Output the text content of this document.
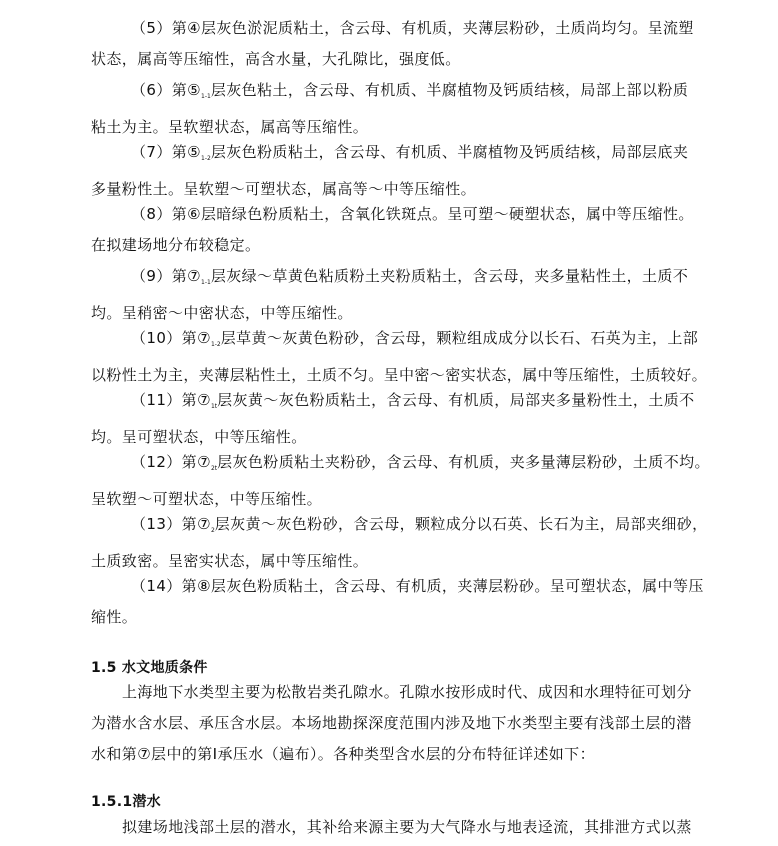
（5）第④层灰色淤泥质粘土，含云母、有机质，夹薄层粉砂，土质尚均匀。呈流塑
状态，属高等压缩性，高含水量，大孔隙比，强度低。

（6）第$⑤_{1-1}$层灰色粘土，含云母、有机质、半腐植物及钙质结核，局部上部以粉质
粘土为主。呈软塑状态，属高等压缩性。

（7）第$⑤_{1-2}$层灰色粉质粘土，含云母、有机质、半腐植物及钙质结核，局部层底夹
多量粉性土。呈软塑～可塑状态，属高等～中等压缩性。

（8）第⑥层暗绿色粉质粘土，含氧化铁斑点。呈可塑～硬塑状态，属中等压缩性。
在拟建场地分布较稳定。

（9）第$⑦_{1-1}$层灰绿～草黄色粘质粉土夹粉质粘土，含云母，夹多量粘性土，土质不
均。呈稍密～中密状态，中等压缩性。

（10）第$⑦_{1-2}$层草黄～灰黄色粉砂，含云母，颗粒组成成分以长石、石英为主，上部
以粉性土为主，夹薄层粘性土，土质不匀。呈中密～密实状态，属中等压缩性，土质较好。

（11）第$⑦_{1t}$层灰黄～灰色粉质粘土，含云母、有机质，局部夹多量粉性土，土质不
均。呈可塑状态，中等压缩性。

（12）第$⑦_{2t}$层灰色粉质粘土夹粉砂，含云母、有机质，夹多量薄层粉砂，土质不均。
呈软塑～可塑状态，中等压缩性。

（13）第$⑦_2$层灰黄～灰色粉砂，含云母，颗粒成分以石英、长石为主，局部夹细砂，
土质致密。呈密实状态，属中等压缩性。

（14）第⑧层灰色粉质粘土，含云母、有机质，夹薄层粉砂。呈可塑状态，属中等压
缩性。

1.5 水文地质条件

上海地下水类型主要为松散岩类孔隙水。孔隙水按形成时代、成因和水理特征可划分
为潜水含水层、承压含水层。本场地勘探深度范围内涉及地下水类型主要有浅部土层的潜
水和第⑦层中的第Ⅰ承压水（遍布）。各种类型含水层的分布特征详述如下：

1.5.1潜水

拟建场地浅部土层的潜水，其补给来源主要为大气降水与地表迳流，其排泄方式以蒸
